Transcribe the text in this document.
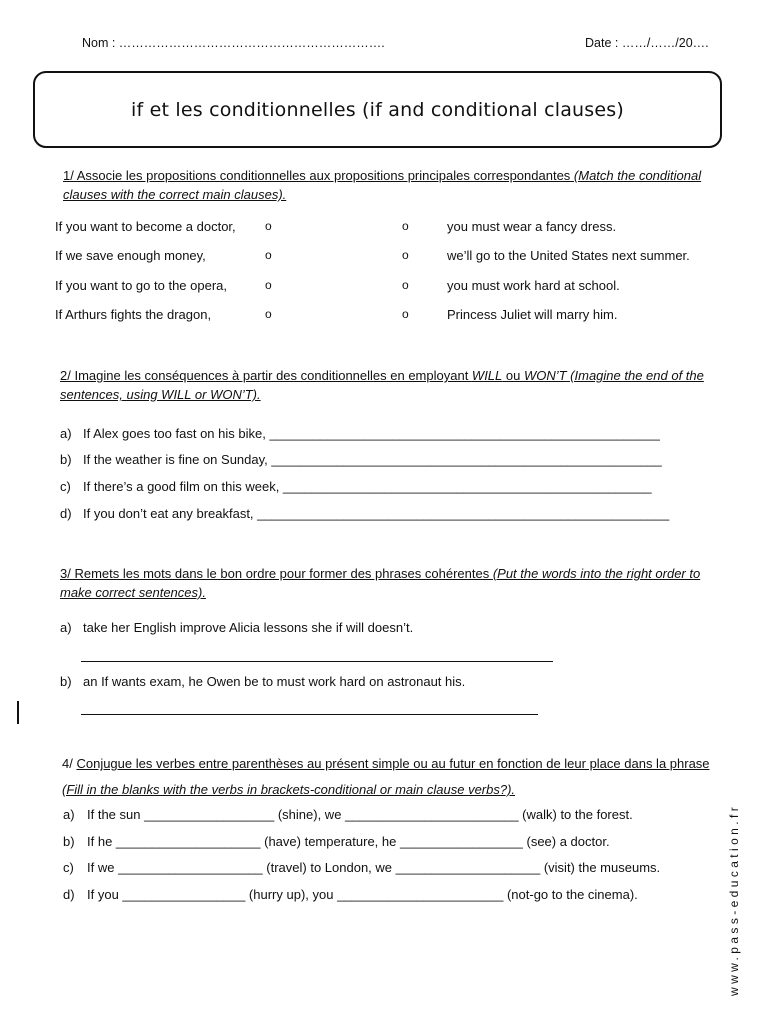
Nom : ……………………………………………………….	Date : ……/……/20….
if et les conditionnelles (if and conditional clauses)
1/ Associe les propositions conditionnelles aux propositions principales correspondantes (Match the conditional clauses with the correct main clauses).
If you want to become a doctor,
If we save enough money,
If you want to go to the opera,
If Arthurs fights the dragon,
o
o
o
o
o
o
o
o
you must wear a fancy dress.
we’ll go to the United States next summer.
you must work hard at school.
Princess Juliet will marry him.
2/ Imagine les conséquences à partir des conditionnelles en employant WILL ou WON’T (Imagine the end of the sentences, using WILL or WON’T).
a) If Alex goes too fast on his bike, ______________________________________________________
b) If the weather is fine on Sunday, ______________________________________________________
c) If there’s a good film on this week, ___________________________________________________
d) If you don’t eat any breakfast, _________________________________________________________
3/ Remets les mots dans le bon ordre pour former des phrases cohérentes (Put the words into the right order to make correct sentences).
a) take her English improve Alicia lessons she if will doesn’t.
b) an If wants exam, he Owen be to must work hard on astronaut his.
4/ Conjugue les verbes entre parenthèses au présent simple ou au futur en fonction de leur place dans la phrase (Fill in the blanks with the verbs in brackets-conditional or main clause verbs?).
a) If the sun __________________ (shine), we ________________________ (walk) to the forest.
b) If he ____________________ (have) temperature, he _________________ (see) a doctor.
c) If we ____________________ (travel) to London, we ____________________ (visit) the museums.
d) If you _________________ (hurry up), you _______________________ (not-go to the cinema).	www.pass-education.fr
